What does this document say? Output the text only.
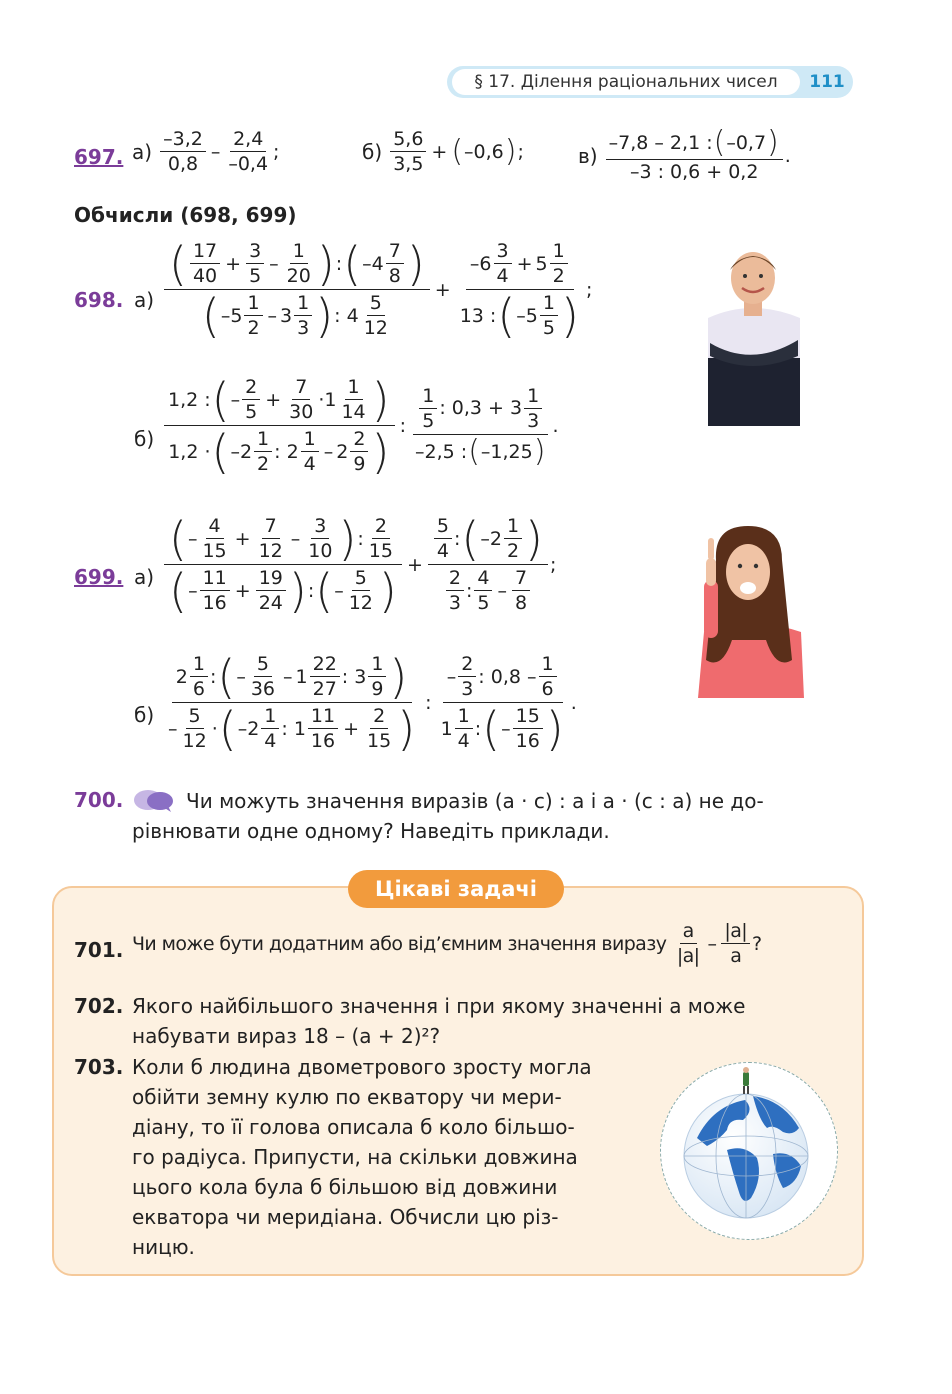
§ 17. Ділення раціональних чисел	111
697. а)

–3,2
0,8
–
2,4
–0,4
;	б)

5,6
3,5
+ ( –0,6 ) ;	в)

–7,8 – 2,1 : ( –0,7 )
–3 : 0,6 + 0,2
.
Обчисли (698, 699)
698. а)
( 17
40
+ $\frac{3}{5}$ –
1
20 ) : ( –4
7
8 )
( –5
1
2
– 3
1
3 ) : 4
5
12
+ –6
3
4
+ $5 \frac{1}{2}$
13 : ( –5
1
5 ) ;
б)
1,2 : ( –
2
5
+ $\frac{7}{30} \cdot 1$
1
14 )
1,2 · ( –2
1
2
: 2
1
4
– 2
2
9 ) :
1
5
: 0,3 + 3
1
3
–2,5 : ( –1,25 )
.
699. а)
( –
4
15
+ $\frac{7}{12}$ –
3
10 ) :
2
15
( –
11
16
+ $\frac{19}{24}$ ) : ( –
5
12 ) + 5
4
: ( –2
1
2 )
2
3
:
4
5
–
7
8 ;
б)
2
1
6
: ( –
5
36
– 1
22
27
: 3
1
9 )
–
5
12
· ( –2
1
4
: 1
11
16
+ $\frac{2}{15}$ ) :
–
2
3
: 0,8 –
1
6
1
1
4
: ( –
15
16 ) .
700.	Чи можуть значення виразів (a · c) : a і a · (c : a) не до-
рівнювати одне одному? Наведіть приклади.
Цікаві задачі
701. Чи може бути додатним або від’ємним значення виразу

a
|a|
–
|a|
a
?
702. Якого найбільшого значення і при якому значенні a може
набувати вираз 18 – (a + 2)²?
703. Коли б людина двометрового зросту могла
обійти земну кулю по екватору чи мери-
діану, то її голова описала б коло більшо-
го радіуса. Припусти, на скільки довжина
цього кола була б більшою від довжини
екватора чи меридіана. Обчисли цю різ-
ницю.
